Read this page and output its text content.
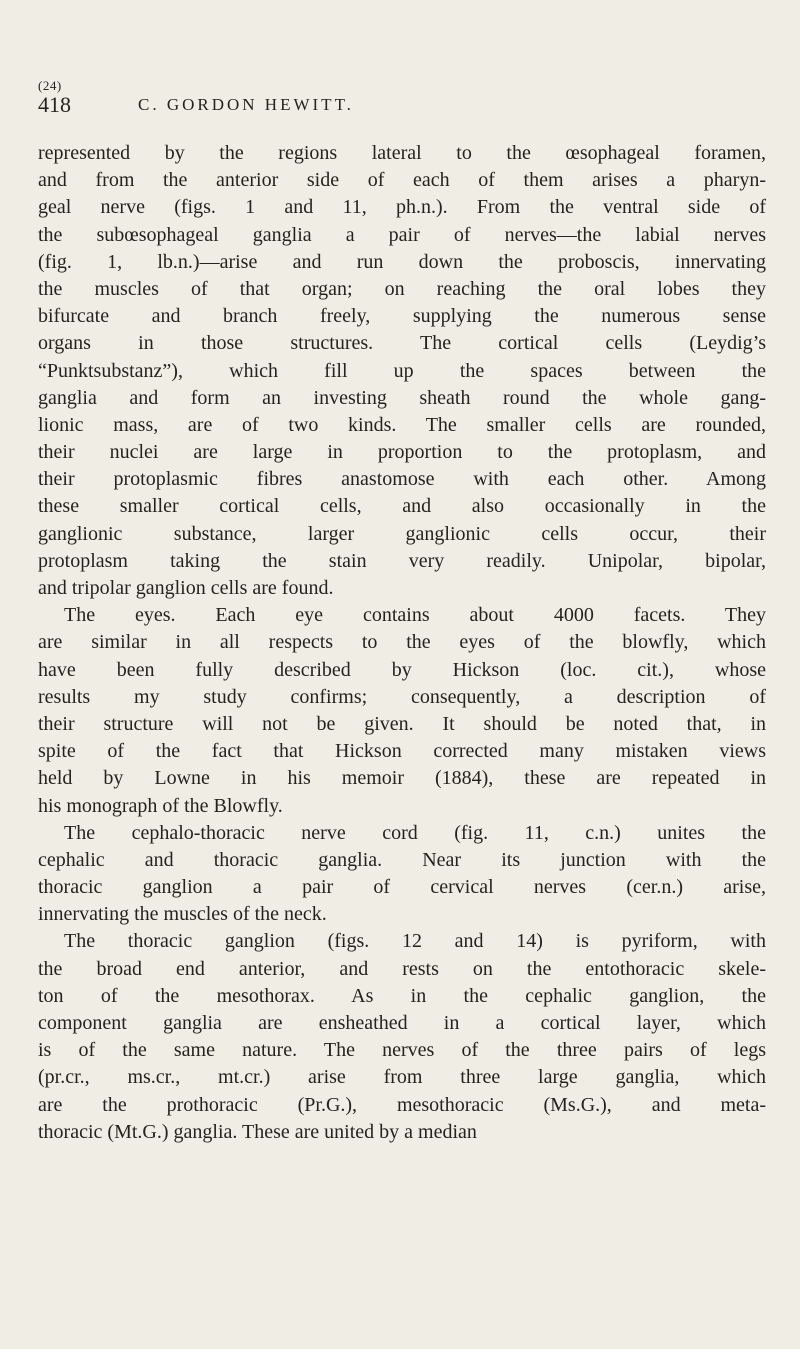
(24)
418	C. GORDON HEWITT.
represented by the regions lateral to the œsophageal foramen,
and from the anterior side of each of them arises a pharyn-
geal nerve (figs. 1 and 11, ph.n.). From the ventral side of
the subœsophageal ganglia a pair of nerves—the labial nerves
(fig. 1, lb.n.)—arise and run down the proboscis, innervating
the muscles of that organ; on reaching the oral lobes they
bifurcate and branch freely, supplying the numerous sense
organs in those structures. The cortical cells (Leydig’s
“Punktsubstanz”), which fill up the spaces between the
ganglia and form an investing sheath round the whole gang-
lionic mass, are of two kinds. The smaller cells are rounded,
their nuclei are large in proportion to the protoplasm, and
their protoplasmic fibres anastomose with each other. Among
these smaller cortical cells, and also occasionally in the
ganglionic substance, larger ganglionic cells occur, their
protoplasm taking the stain very readily. Unipolar, bipolar,
and tripolar ganglion cells are found.
The eyes. Each eye contains about 4000 facets. They
are similar in all respects to the eyes of the blowfly, which
have been fully described by Hickson (loc. cit.), whose
results my study confirms; consequently, a description of
their structure will not be given. It should be noted that, in
spite of the fact that Hickson corrected many mistaken views
held by Lowne in his memoir (1884), these are repeated in
his monograph of the Blowfly.
The cephalo-thoracic nerve cord (fig. 11, c.n.) unites the
cephalic and thoracic ganglia. Near its junction with the
thoracic ganglion a pair of cervical nerves (cer.n.) arise,
innervating the muscles of the neck.
The thoracic ganglion (figs. 12 and 14) is pyriform, with
the broad end anterior, and rests on the entothoracic skele-
ton of the mesothorax. As in the cephalic ganglion, the
component ganglia are ensheathed in a cortical layer, which
is of the same nature. The nerves of the three pairs of legs
(pr.cr., ms.cr., mt.cr.) arise from three large ganglia, which
are the prothoracic (Pr.G.), mesothoracic (Ms.G.), and meta-
thoracic (Mt.G.) ganglia. These are united by a median
